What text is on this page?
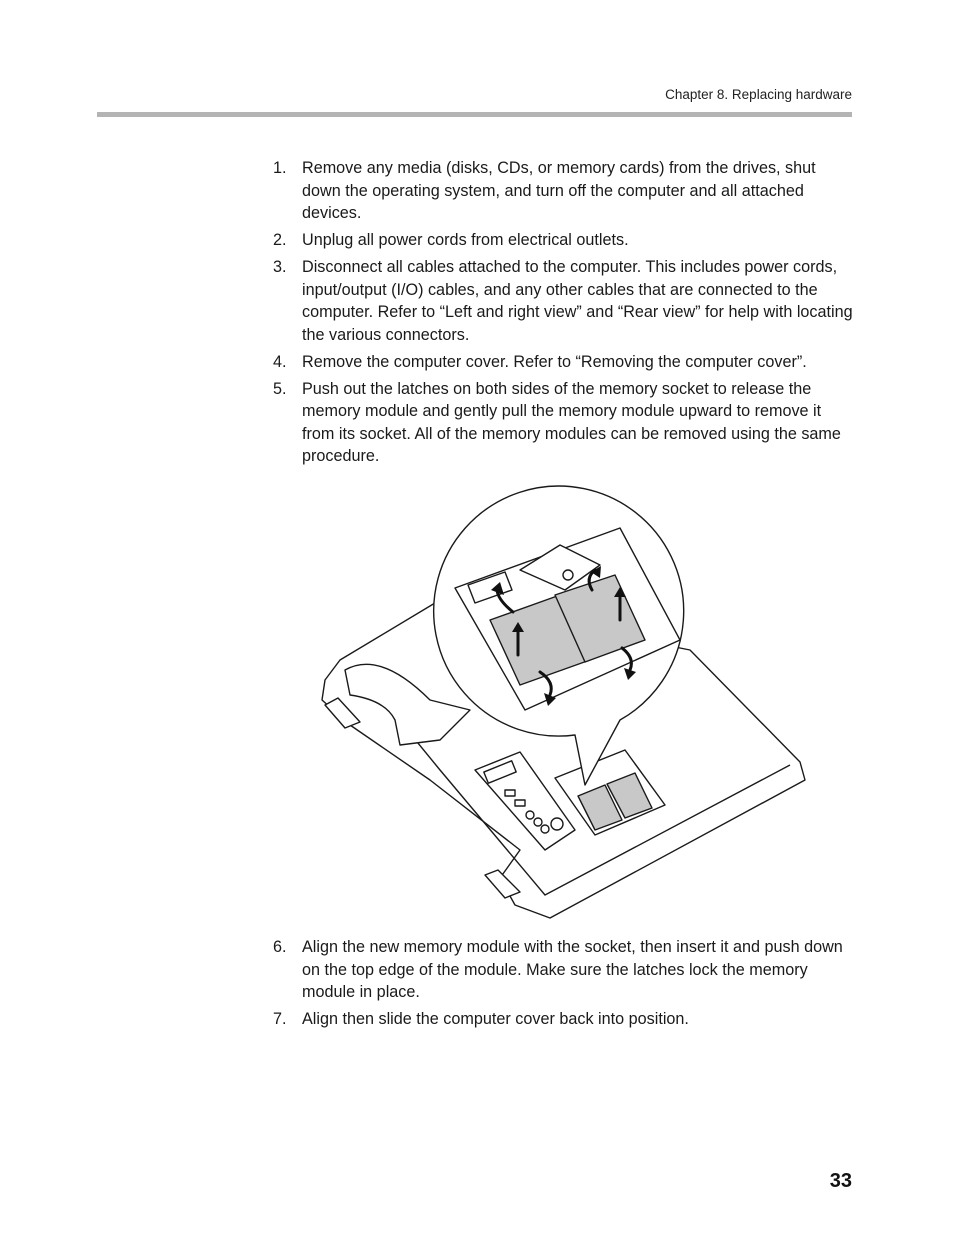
Chapter 8. Replacing hardware
1. Remove any media (disks, CDs, or memory cards) from the drives, shut down the operating system, and turn off the computer and all attached devices.
2. Unplug all power cords from electrical outlets.
3. Disconnect all cables attached to the computer. This includes power cords, input/output (I/O) cables, and any other cables that are connected to the computer. Refer to “Left and right view” and “Rear view” for help with locating the various connectors.
4. Remove the computer cover. Refer to “Removing the computer cover”.
5. Push out the latches on both sides of the memory socket to release the memory module and gently pull the memory module upward to remove it from its socket. All of the memory modules can be removed using the same procedure.
6. Align the new memory module with the socket, then insert it and push down on the top edge of the module. Make sure the latches lock the memory module in place.
7. Align then slide the computer cover back into position.
33
